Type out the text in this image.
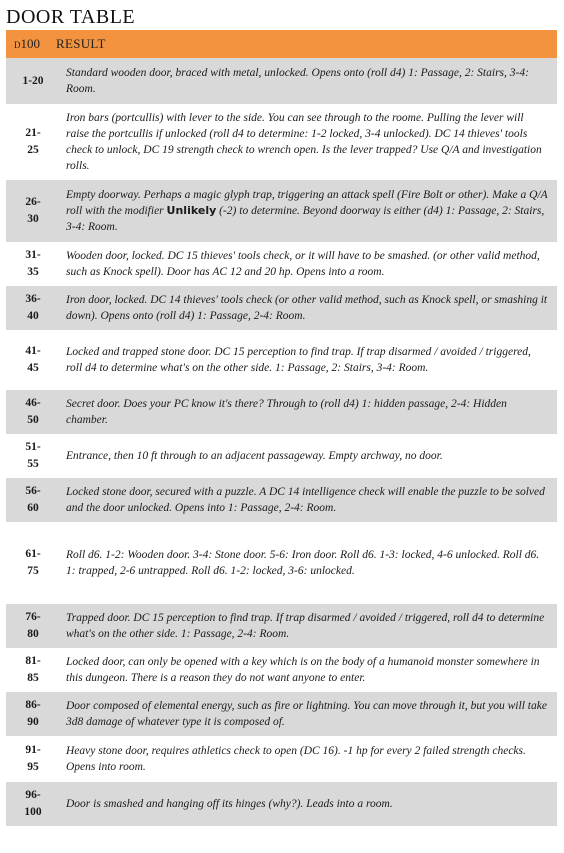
DOOR TABLE
d100	RESULT
1-20
Standard wooden door, braced with metal, unlocked. Opens onto (roll d4) 1: Passage, 2: Stairs, 3-4: Room.
21-
25
Iron bars (portcullis) with lever to the side. You can see through to the roome. Pulling the lever will raise the portcullis if unlocked (roll d4 to determine: 1-2 locked, 3-4 unlocked). DC 14 thieves' tools check to unlock, DC 19 strength check to wrench open. Is the lever trapped? Use Q/A and investigation rolls.
26-
30
Empty doorway. Perhaps a magic glyph trap, triggering an attack spell (Fire Bolt or other). Make a Q/A roll with the modifier Unlikely (-2) to determine. Beyond doorway is either (d4) 1: Passage, 2: Stairs, 3-4: Room.
31-
35
Wooden door, locked. DC 15 thieves' tools check, or it will have to be smashed. (or other valid method, such as Knock spell). Door has AC 12 and 20 hp. Opens into a room.
36-
40
Iron door, locked. DC 14 thieves' tools check (or other valid method, such as Knock spell, or smashing it down). Opens onto (roll d4) 1: Passage, 2-4: Room.
41-
45
Locked and trapped stone door. DC 15 perception to find trap. If trap disarmed / avoided / triggered, roll d4 to determine what's on the other side. 1: Passage, 2: Stairs, 3-4: Room.
46-
50
Secret door. Does your PC know it's there? Through to (roll d4) 1: hidden passage, 2-4: Hidden chamber.
51-
55
Entrance, then 10 ft through to an adjacent passageway. Empty archway, no door.
56-
60
Locked stone door, secured with a puzzle. A DC 14 intelligence check will enable the puzzle to be solved and the door unlocked. Opens into 1: Passage, 2-4: Room.
61-
75
Roll d6. 1-2: Wooden door. 3-4: Stone door. 5-6: Iron door. Roll d6. 1-3: locked, 4-6 unlocked. Roll d6. 1: trapped, 2-6 untrapped. Roll d6. 1-2: locked, 3-6: unlocked.
76-
80
Trapped door. DC 15 perception to find trap. If trap disarmed / avoided / triggered, roll d4 to determine what's on the other side. 1: Passage, 2-4: Room.
81-
85
Locked door, can only be opened with a key which is on the body of a humanoid monster somewhere in this dungeon. There is a reason they do not want anyone to enter.
86-
90
Door composed of elemental energy, such as fire or lightning. You can move through it, but you will take 3d8 damage of whatever type it is composed of.
91-
95
Heavy stone door, requires athletics check to open (DC 16). -1 hp for every 2 failed strength checks. Opens into room.
96-
100
Door is smashed and hanging off its hinges (why?). Leads into a room.
